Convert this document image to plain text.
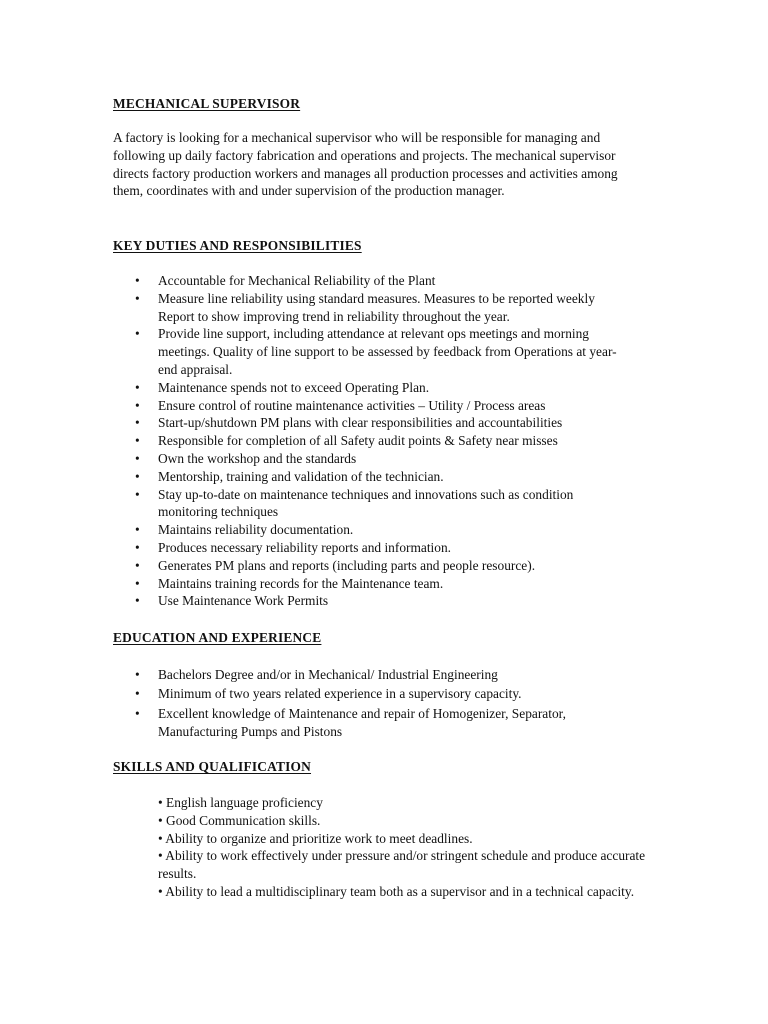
MECHANICAL SUPERVISOR

A factory is looking for a mechanical supervisor who will be responsible for managing and following up daily factory fabrication and operations and projects. The mechanical supervisor directs factory production workers and manages all production processes and activities among them, coordinates with and under supervision of the production manager.

KEY DUTIES AND RESPONSIBILITIES
• Accountable for Mechanical Reliability of the Plant
• Measure line reliability using standard measures. Measures to be reported weekly Report to show improving trend in reliability throughout the year.
• Provide line support, including attendance at relevant ops meetings and morning meetings. Quality of line support to be assessed by feedback from Operations at year-end appraisal.
• Maintenance spends not to exceed Operating Plan.
• Ensure control of routine maintenance activities – Utility / Process areas
• Start-up/shutdown PM plans with clear responsibilities and accountabilities
• Responsible for completion of all Safety audit points & Safety near misses
• Own the workshop and the standards
• Mentorship, training and validation of the technician.
• Stay up-to-date on maintenance techniques and innovations such as condition monitoring techniques
• Maintains reliability documentation.
• Produces necessary reliability reports and information.
• Generates PM plans and reports (including parts and people resource).
• Maintains training records for the Maintenance team.
• Use Maintenance Work Permits
EDUCATION AND EXPERIENCE
• Bachelors Degree and/or in Mechanical/ Industrial Engineering
• Minimum of two years related experience in a supervisory capacity.
• Excellent knowledge of Maintenance and repair of Homogenizer, Separator, Manufacturing Pumps and Pistons
SKILLS AND QUALIFICATION
• English language proficiency
• Good Communication skills.
• Ability to organize and prioritize work to meet deadlines.
• Ability to work effectively under pressure and/or stringent schedule and produce accurate results.
• Ability to lead a multidisciplinary team both as a supervisor and in a technical capacity.
